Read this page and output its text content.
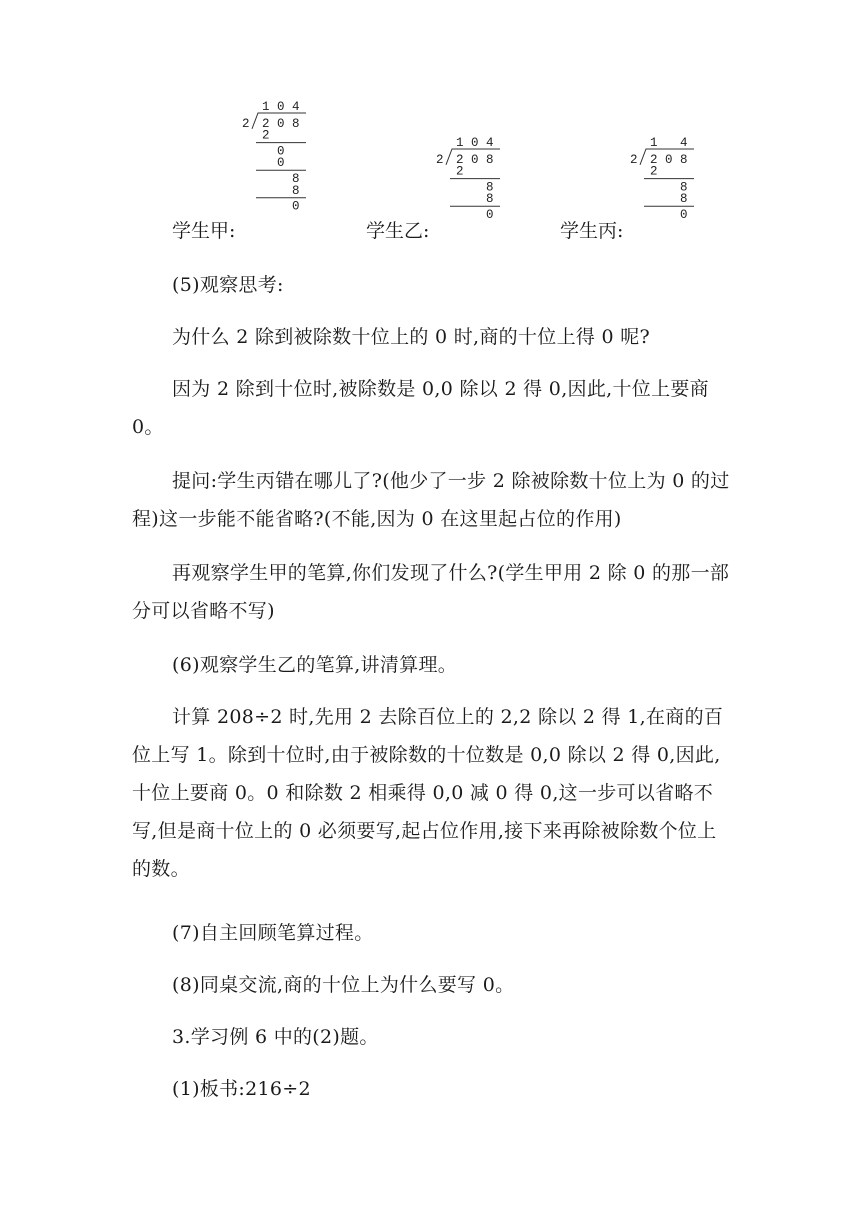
学生甲:
1 0 4
2 2 0 8
2
0
0
8
8
0
学生乙:
1 0 4
2 2 0 8
2
8
8
0
学生丙:
1 4
2 2 0 8
2
8
8
0

(5)观察思考:

为什么 2 除到被除数十位上的 0 时,商的十位上得 0 呢?

因为 2 除到十位时,被除数是 0,0 除以 2 得 0,因此,十位上要商 0。

提问:学生丙错在哪儿了?(他少了一步 2 除被除数十位上为 0 的过程)这一步能不能省略?(不能,因为 0 在这里起占位的作用)

再观察学生甲的笔算,你们发现了什么?(学生甲用 2 除 0 的那一部分可以省略不写)

(6)观察学生乙的笔算,讲清算理。

计算 208÷2 时,先用 2 去除百位上的 2,2 除以 2 得 1,在商的百位上写 1。除到十位时,由于被除数的十位数是 0,0 除以 2 得 0,因此,十位上要商 0。0 和除数 2 相乘得 0,0 减 0 得 0,这一步可以省略不写,但是商十位上的 0 必须要写,起占位作用,接下来再除被除数个位上的数。

(7)自主回顾笔算过程。

(8)同桌交流,商的十位上为什么要写 0。

3.学习例 6 中的(2)题。

(1)板书:216÷2
